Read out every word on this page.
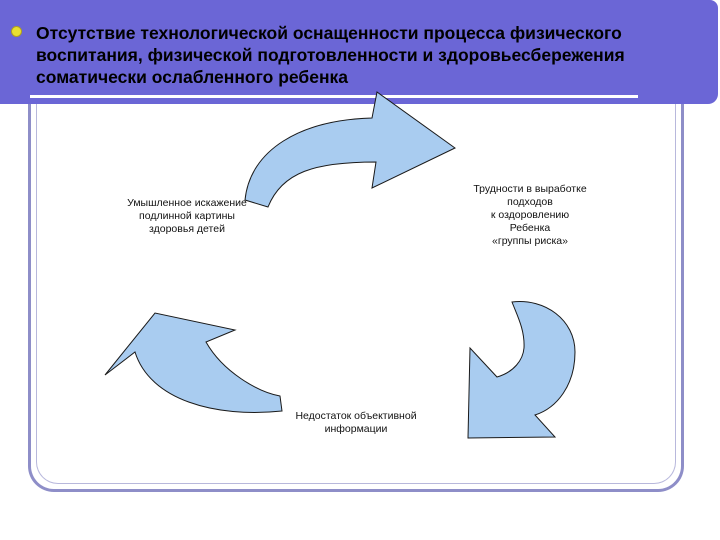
Отсутствие технологической оснащенности процесса физического воспитания, физической подготовленности и здоровьесбережения соматически ослабленного ребенка

Умышленное искажение
подлинной картины
здоровья детей
Трудности в выработке
подходов
к оздоровлению
Ребенка
«группы риска»
Недостаток объективной
информации
